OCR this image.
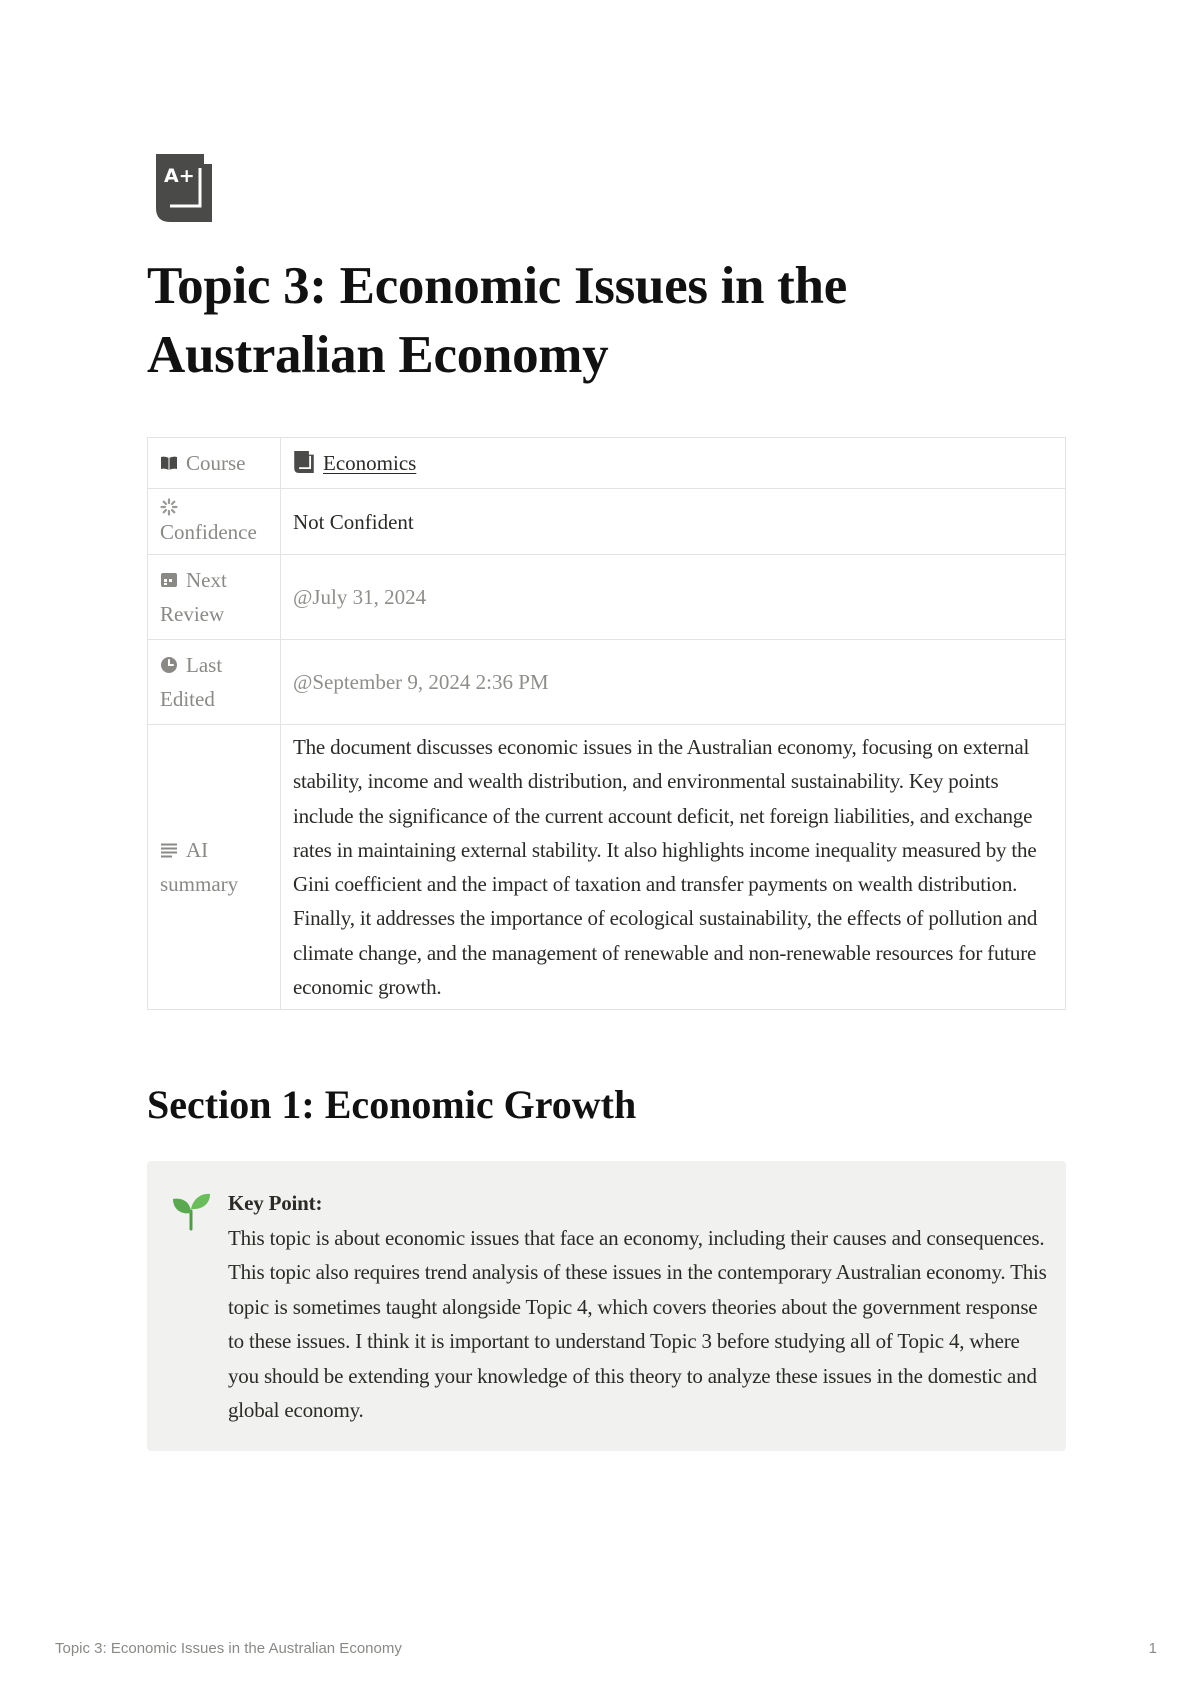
A+
Topic 3: Economic Issues in the Australian Economy
Course	Economics

Confidence	Not Confident
Next Review	@July 31, 2024
Last Edited	@September 9, 2024 2:36 PM
AI summary	The document discusses economic issues in the Australian economy, focusing on external stability, income and wealth distribution, and environmental sustainability. Key points include the significance of the current account deficit, net foreign liabilities, and exchange rates in maintaining external stability. It also highlights income inequality measured by the Gini coefficient and the impact of taxation and transfer payments on wealth distribution. Finally, it addresses the importance of ecological sustainability, the effects of pollution and climate change, and the management of renewable and non-renewable resources for future economic growth.
Section 1: Economic Growth
Key Point:
This topic is about economic issues that face an economy, including their causes and consequences. This topic also requires trend analysis of these issues in the contemporary Australian economy. This topic is sometimes taught alongside Topic 4, which covers theories about the government response to these issues. I think it is important to understand Topic 3 before studying all of Topic 4, where you should be extending your knowledge of this theory to analyze these issues in the domestic and global economy.
Topic 3: Economic Issues in the Australian Economy	1
